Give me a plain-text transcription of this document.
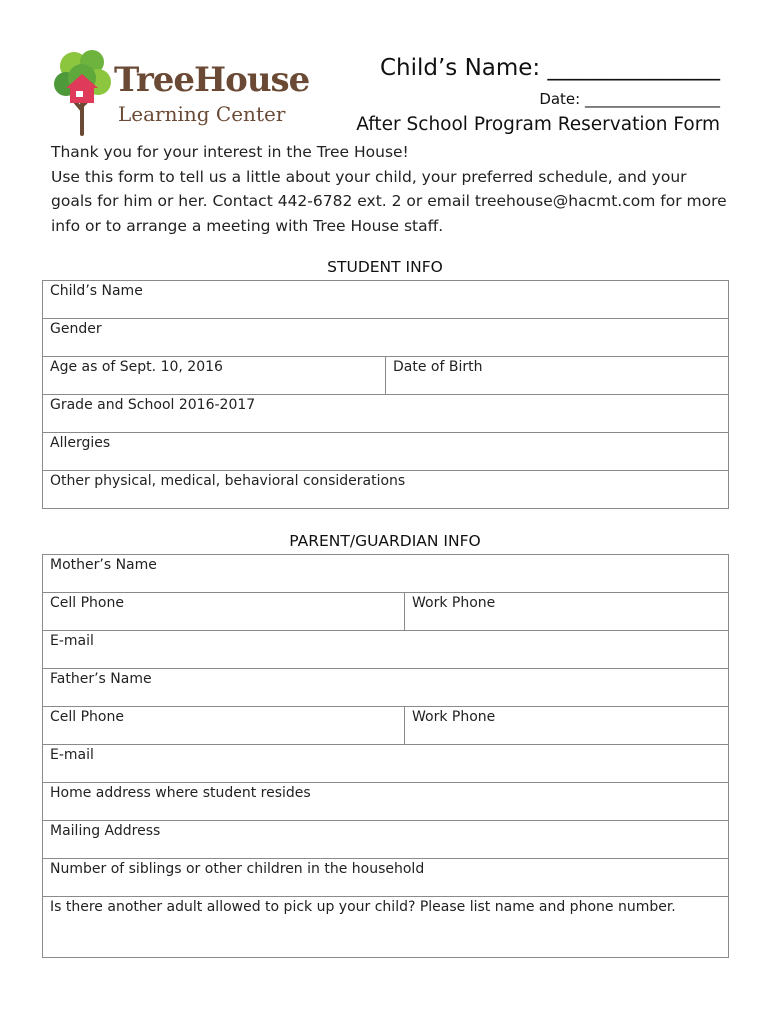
TreeHouse
Learning Center
Child’s Name: _______________
Date: __________________
After School Program Reservation Form

Thank you for your interest in the Tree House!

Use this form to tell us a little about your child, your preferred schedule, and your goals for him or her. Contact 442-6782 ext. 2 or email treehouse@hacmt.com for more info or to arrange a meeting with Tree House staff.

STUDENT INFO
Child’s Name
Gender
Age as of Sept. 10, 2016	Date of Birth
Grade and School 2016-2017
Allergies
Other physical, medical, behavioral considerations
PARENT/GUARDIAN INFO
Mother’s Name	
Cell Phone	Work Phone
E-mail	
Father’s Name	
Cell Phone	Work Phone
E-mail	
Home address where student resides	
Mailing Address	
Number of siblings or other children in the household	
Is there another adult allowed to pick up your child? Please list name and phone number.	
